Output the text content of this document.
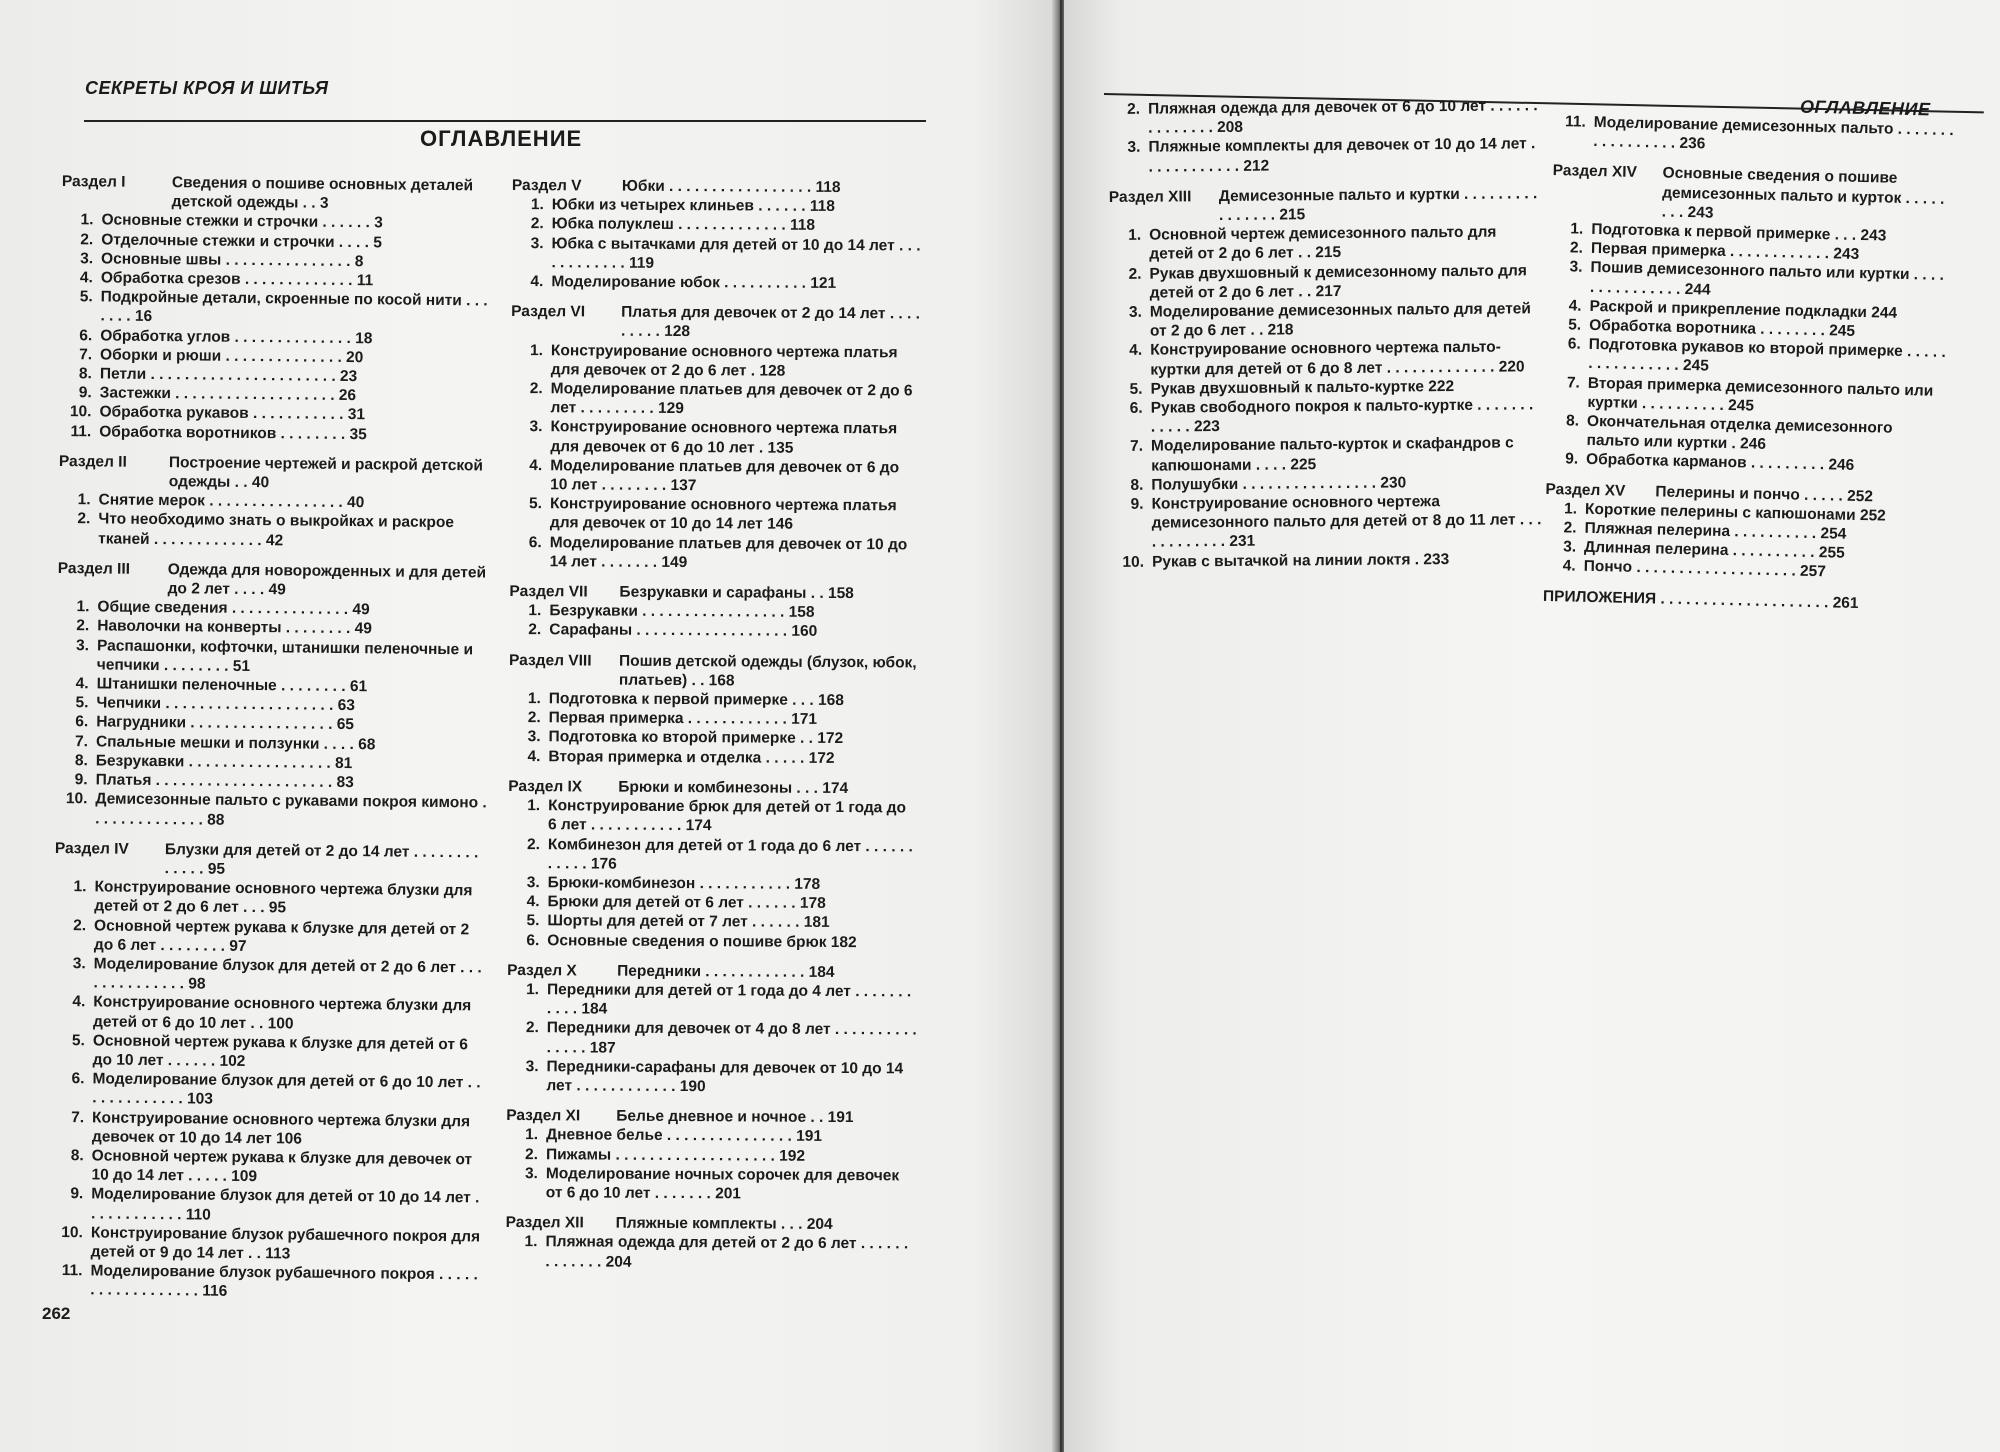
СЕКРЕТЫ КРОЯ И ШИТЬЯ
ОГЛАВЛЕНИЕ
Раздел I	Сведения о пошиве основных деталей детской одежды . . 3
1. Основные стежки и строчки . . . . . . 3
2. Отделочные стежки и строчки . . . . 5
3. Основные швы . . . . . . . . . . . . . . . 8
4. Обработка срезов . . . . . . . . . . . . . 11
5. Подкройные детали, скроенные по косой нити . . . . . . . 16
6. Обработка углов . . . . . . . . . . . . . . 18
7. Оборки и рюши . . . . . . . . . . . . . . 20
8. Петли . . . . . . . . . . . . . . . . . . . . . . 23
9. Застежки . . . . . . . . . . . . . . . . . . . 26
10. Обработка рукавов . . . . . . . . . . . 31
11. Обработка воротников . . . . . . . . 35
Раздел II	Построение чертежей и раскрой детской одежды . . 40
1. Снятие мерок . . . . . . . . . . . . . . . . 40
2. Что необходимо знать о выкройках и раскрое тканей . . . . . . . . . . . . . 42
Раздел III	Одежда для новорожденных и для детей до 2 лет . . . . 49
1. Общие сведения . . . . . . . . . . . . . . 49
2. Наволочки на конверты . . . . . . . . 49
3. Распашонки, кофточки, штанишки пеленочные и чепчики . . . . . . . . 51
4. Штанишки пеленочные . . . . . . . . 61
5. Чепчики . . . . . . . . . . . . . . . . . . . . 63
6. Нагрудники . . . . . . . . . . . . . . . . . 65
7. Спальные мешки и ползунки . . . . 68
8. Безрукавки . . . . . . . . . . . . . . . . . 81
9. Платья . . . . . . . . . . . . . . . . . . . . . 83
10. Демисезонные пальто с рукавами покроя кимоно . . . . . . . . . . . . . . 88
Раздел IV	Блузки для детей от 2 до 14 лет . . . . . . . . . . . . . 95
1. Конструирование основного чертежа блузки для детей от 2 до 6 лет . . . 95
2. Основной чертеж рукава к блузке для детей от 2 до 6 лет . . . . . . . . 97
3. Моделирование блузок для детей от 2 до 6 лет . . . . . . . . . . . . . . 98
4. Конструирование основного чертежа блузки для детей от 6 до 10 лет . . 100
5. Основной чертеж рукава к блузке для детей от 6 до 10 лет . . . . . . 102
6. Моделирование блузок для детей от 6 до 10 лет . . . . . . . . . . . . . 103
7. Конструирование основного чертежа блузки для девочек от 10 до 14 лет 106
8. Основной чертеж рукава к блузке для девочек от 10 до 14 лет . . . . . 109
9. Моделирование блузок для детей от 10 до 14 лет . . . . . . . . . . . . 110
10. Конструирование блузок рубашечного покроя для детей от 9 до 14 лет . . 113
11. Моделирование блузок рубашечного покроя . . . . . . . . . . . . . . . . . . 116
Раздел V	Юбки . . . . . . . . . . . . . . . . . 118
1. Юбки из четырех клиньев . . . . . . 118
2. Юбка полуклеш . . . . . . . . . . . . . 118
3. Юбка с вытачками для детей от 10 до 14 лет . . . . . . . . . . . . 119
4. Моделирование юбок . . . . . . . . . . 121
Раздел VI	Платья для девочек от 2 до 14 лет . . . . . . . . . 128
1. Конструирование основного чертежа платья для девочек от 2 до 6 лет . 128
2. Моделирование платьев для девочек от 2 до 6 лет . . . . . . . . . 129
3. Конструирование основного чертежа платья для девочек от 6 до 10 лет . 135
4. Моделирование платьев для девочек от 6 до 10 лет . . . . . . . . 137
5. Конструирование основного чертежа платья для девочек от 10 до 14 лет 146
6. Моделирование платьев для девочек от 10 до 14 лет . . . . . . . 149
Раздел VII	Безрукавки и сарафаны . . 158
1. Безрукавки . . . . . . . . . . . . . . . . . 158
2. Сарафаны . . . . . . . . . . . . . . . . . . 160
Раздел VIII	Пошив детской одежды (блузок, юбок, платьев) . . 168
1. Подготовка к первой примерке . . . 168
2. Первая примерка . . . . . . . . . . . . 171
3. Подготовка ко второй примерке . . 172
4. Вторая примерка и отделка . . . . . 172
Раздел IX	Брюки и комбинезоны . . . 174
1. Конструирование брюк для детей от 1 года до 6 лет . . . . . . . . . . . 174
2. Комбинезон для детей от 1 года до 6 лет . . . . . . . . . . . 176
3. Брюки-комбинезон . . . . . . . . . . . 178
4. Брюки для детей от 6 лет . . . . . . 178
5. Шорты для детей от 7 лет . . . . . . 181
6. Основные сведения о пошиве брюк 182
Раздел X	Передники . . . . . . . . . . . . 184
1. Передники для детей от 1 года до 4 лет . . . . . . . . . . . 184
2. Передники для девочек от 4 до 8 лет . . . . . . . . . . . . . . . 187
3. Передники-сарафаны для девочек от 10 до 14 лет . . . . . . . . . . . . 190
Раздел XI	Белье дневное и ночное . . 191
1. Дневное белье . . . . . . . . . . . . . . . 191
2. Пижамы . . . . . . . . . . . . . . . . . . . 192
3. Моделирование ночных сорочек для девочек от 6 до 10 лет . . . . . . . 201
Раздел XII	Пляжные комплекты . . . 204
1. Пляжная одежда для детей от 2 до 6 лет . . . . . . . . . . . . . 204
262
ОГЛАВЛЕНИЕ
2. Пляжная одежда для девочек от 6 до 10 лет . . . . . . . . . . . . . . 208
3. Пляжные комплекты для девочек от 10 до 14 лет . . . . . . . . . . . . 212
Раздел XIII	Демисезонные пальто и куртки . . . . . . . . . . . . . . . . 215
1. Основной чертеж демисезонного пальто для детей от 2 до 6 лет . . 215
2. Рукав двухшовный к демисезонному пальто для детей от 2 до 6 лет . . 217
3. Моделирование демисезонных пальто для детей от 2 до 6 лет . . 218
4. Конструирование основного чертежа пальто-куртки для детей от 6 до 8 лет . . . . . . . . . . . . . 220
5. Рукав двухшовный к пальто-куртке 222
6. Рукав свободного покроя к пальто-куртке . . . . . . . . . . . . 223
7. Моделирование пальто-курток и скафандров с капюшонами . . . . 225
8. Полушубки . . . . . . . . . . . . . . . . 230
9. Конструирование основного чертежа демисезонного пальто для детей от 8 до 11 лет . . . . . . . . . . . . 231
10. Рукав с вытачкой на линии локтя . 233
11. Моделирование демисезонных пальто . . . . . . . . . . . . . . . . . 236
Раздел XIV	Основные сведения о пошиве демисезонных пальто и курток . . . . . . . . 243
1. Подготовка к первой примерке . . . 243
2. Первая примерка . . . . . . . . . . . . 243
3. Пошив демисезонного пальто или куртки . . . . . . . . . . . . . . . 244
4. Раскрой и прикрепление подкладки 244
5. Обработка воротника . . . . . . . . 245
6. Подготовка рукавов ко второй примерке . . . . . . . . . . . . . . . . 245
7. Вторая примерка демисезонного пальто или куртки . . . . . . . . . . 245
8. Окончательная отделка демисезонного пальто или куртки . 246
9. Обработка карманов . . . . . . . . . 246
Раздел XV	Пелерины и пончо . . . . . 252
1. Короткие пелерины с капюшонами 252
2. Пляжная пелерина . . . . . . . . . . 254
3. Длинная пелерина . . . . . . . . . . 255
4. Пончо . . . . . . . . . . . . . . . . . . . 257
ПРИЛОЖЕНИЯ . . . . . . . . . . . . . . . . . . . . 261
